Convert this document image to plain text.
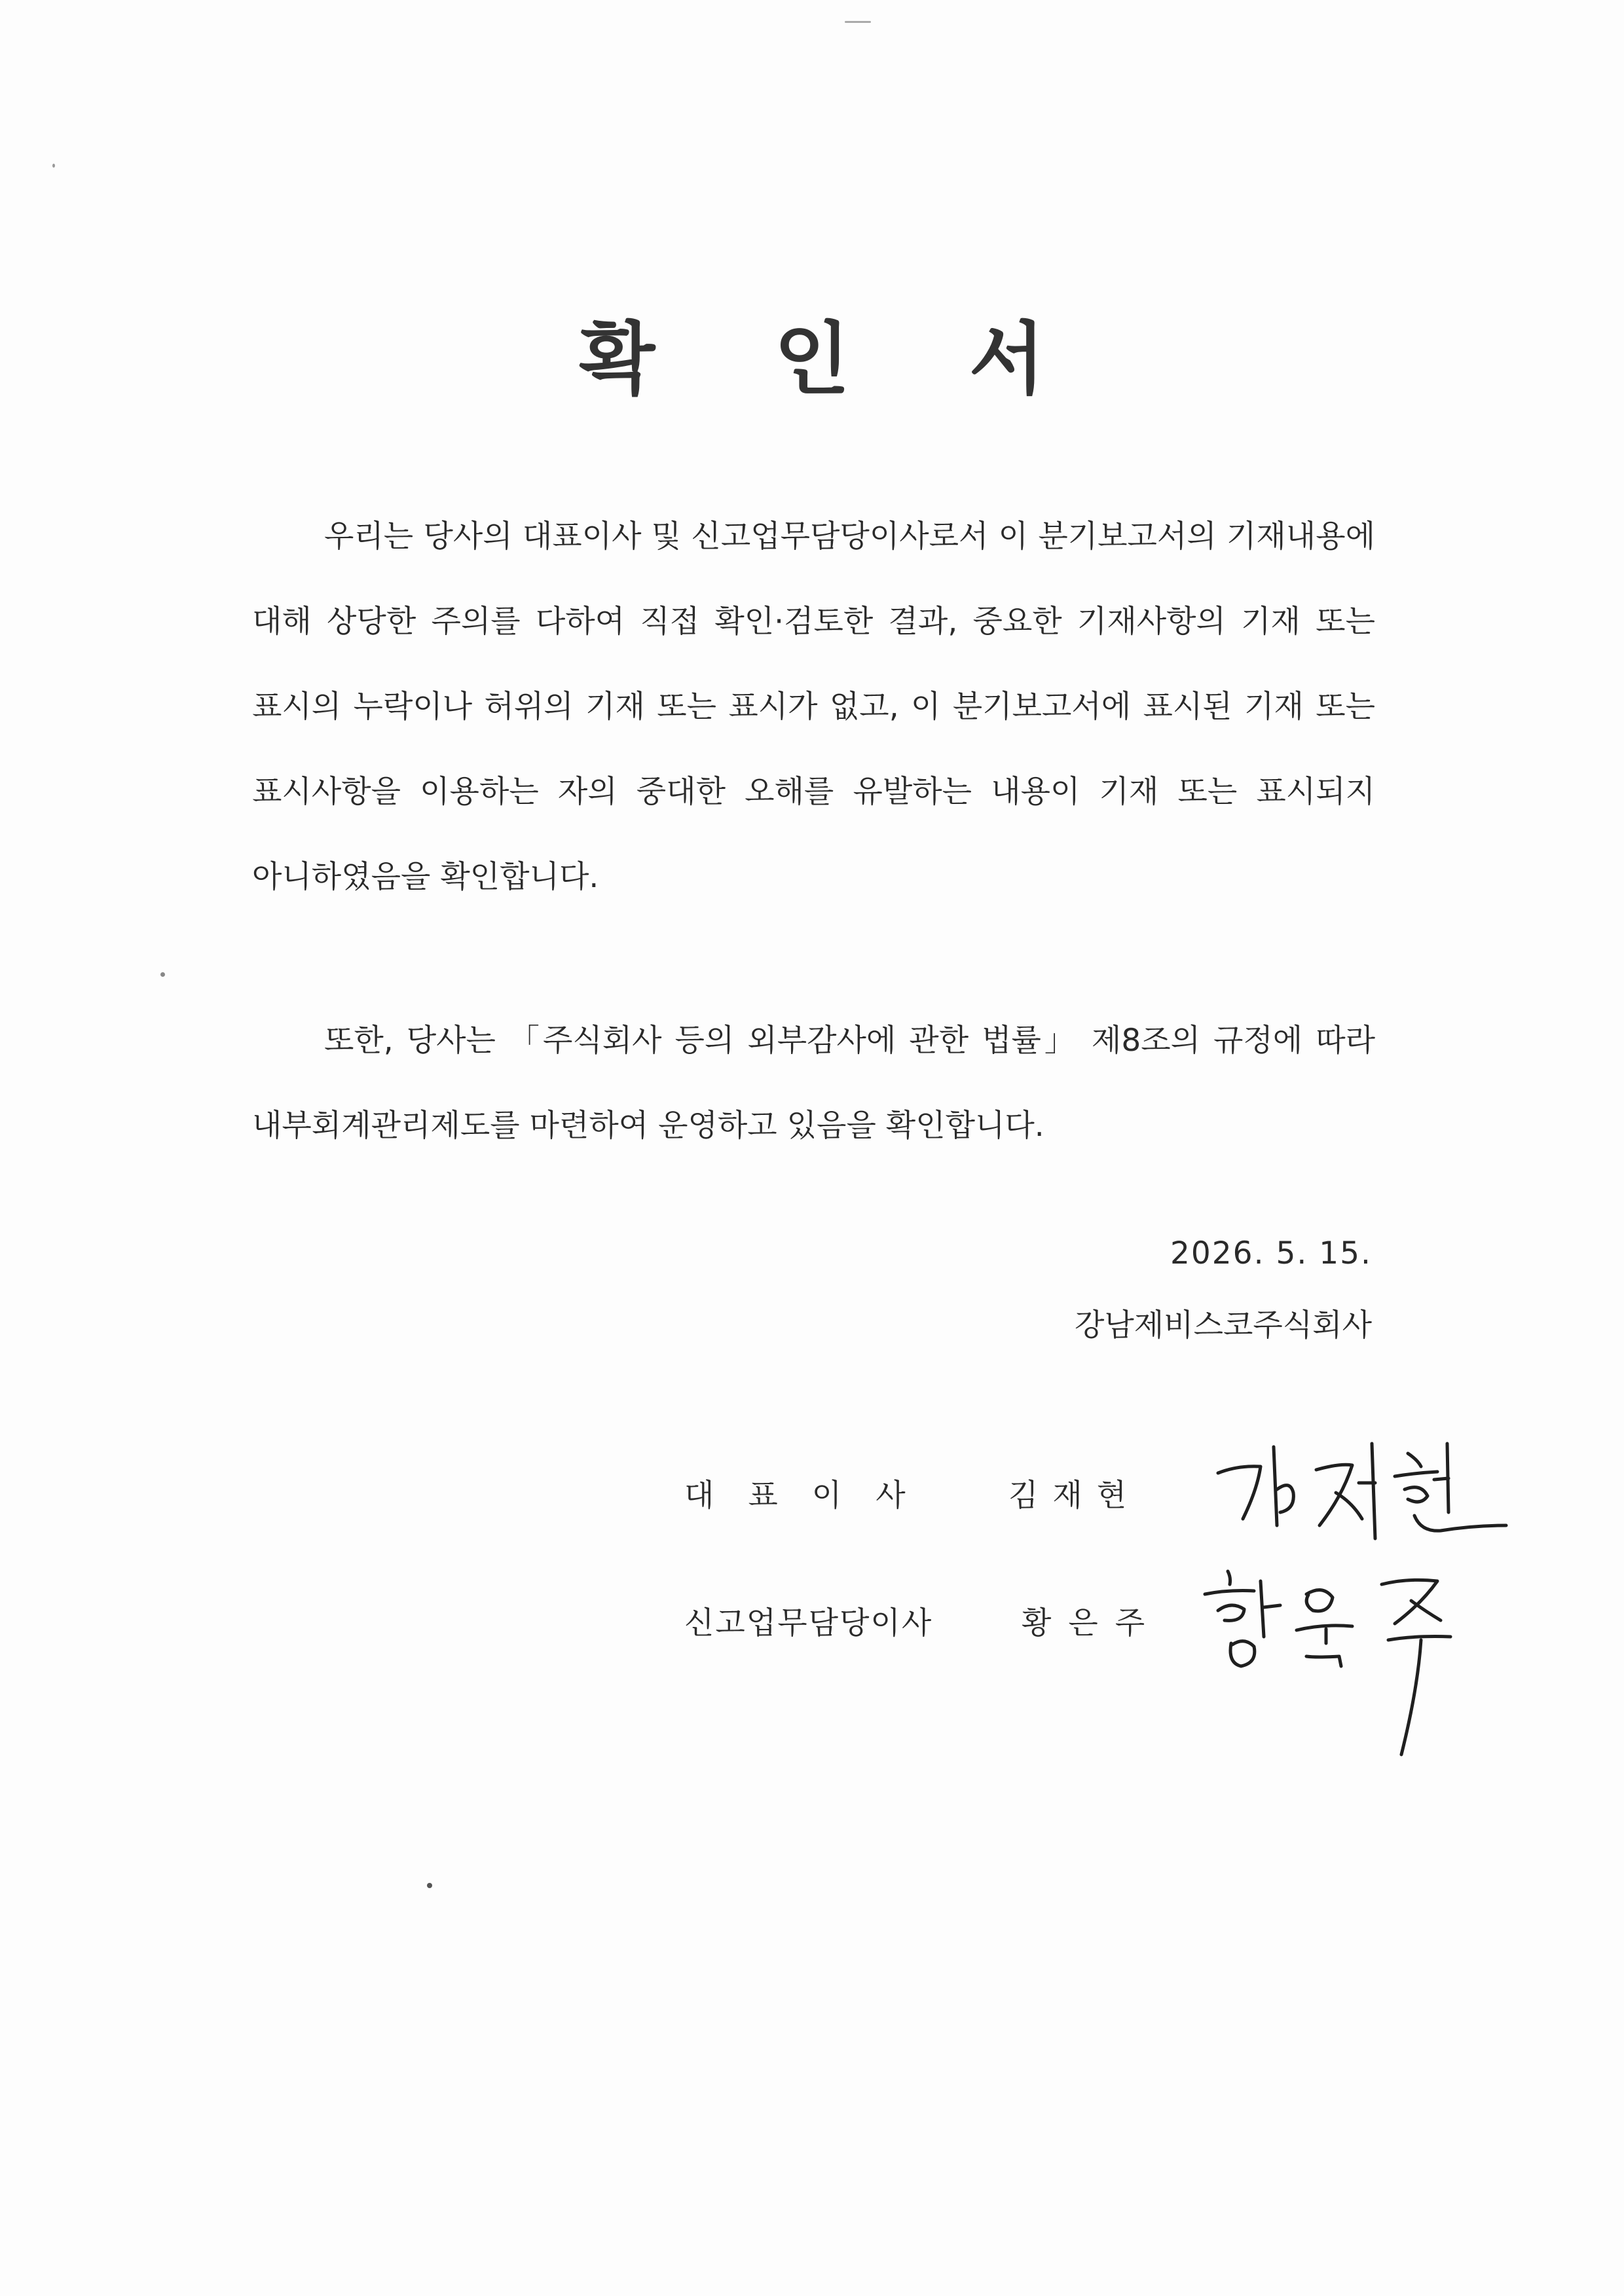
확 인 서
우리는 당사의 대표이사 및 신고업무담당이사로서 이 분기보고서의 기재내용에 대해 상당한 주의를 다하여 직접 확인·검토한 결과, 중요한 기재사항의 기재 또는 표시의 누락이나 허위의 기재 또는 표시가 없고, 이 분기보고서에 표시된 기재 또는 표시사항을 이용하는 자의 중대한 오해를 유발하는 내용이 기재 또는 표시되지 아니하였음을 확인합니다.
또한, 당사는 「주식회사 등의 외부감사에 관한 법률」 제8조의 규정에 따라 내부회계관리제도를 마련하여 운영하고 있음을 확인합니다.
2026. 5. 15.
강남제비스코주식회사
대표이사 김재현
신고업무담당이사	황은주
